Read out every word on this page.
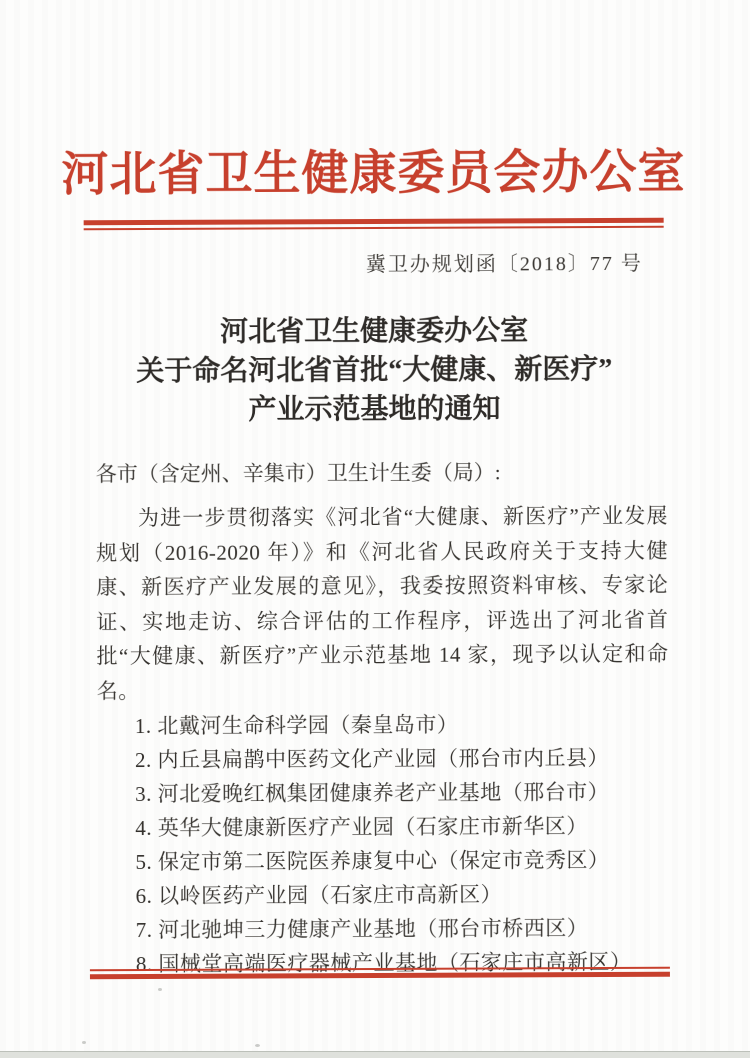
河北省卫生健康委员会办公室
冀卫办规划函〔2018〕77 号
河北省卫生健康委办公室
关于命名河北省首批“大健康、新医疗”
产业示范基地的通知
各市（含定州、辛集市）卫生计生委（局）:

为进一步贯彻落实《河北省“大健康、新医疗”产业发展规划（2016-2020 年）》和《河北省人民政府关于支持大健康、新医疗产业发展的意见》，我委按照资料审核、专家论证、实地走访、综合评估的工作程序，评选出了河北省首批“大健康、新医疗”产业示范基地 14 家，现予以认定和命名。

1. 北戴河生命科学园（秦皇岛市）
2. 内丘县扁鹊中医药文化产业园（邢台市内丘县）
3. 河北爱晚红枫集团健康养老产业基地（邢台市）
4. 英华大健康新医疗产业园（石家庄市新华区）
5. 保定市第二医院医养康复中心（保定市竞秀区）
6. 以岭医药产业园（石家庄市高新区）
7. 河北驰坤三力健康产业基地（邢台市桥西区）
8. 国械堂高端医疗器械产业基地（石家庄市高新区）
